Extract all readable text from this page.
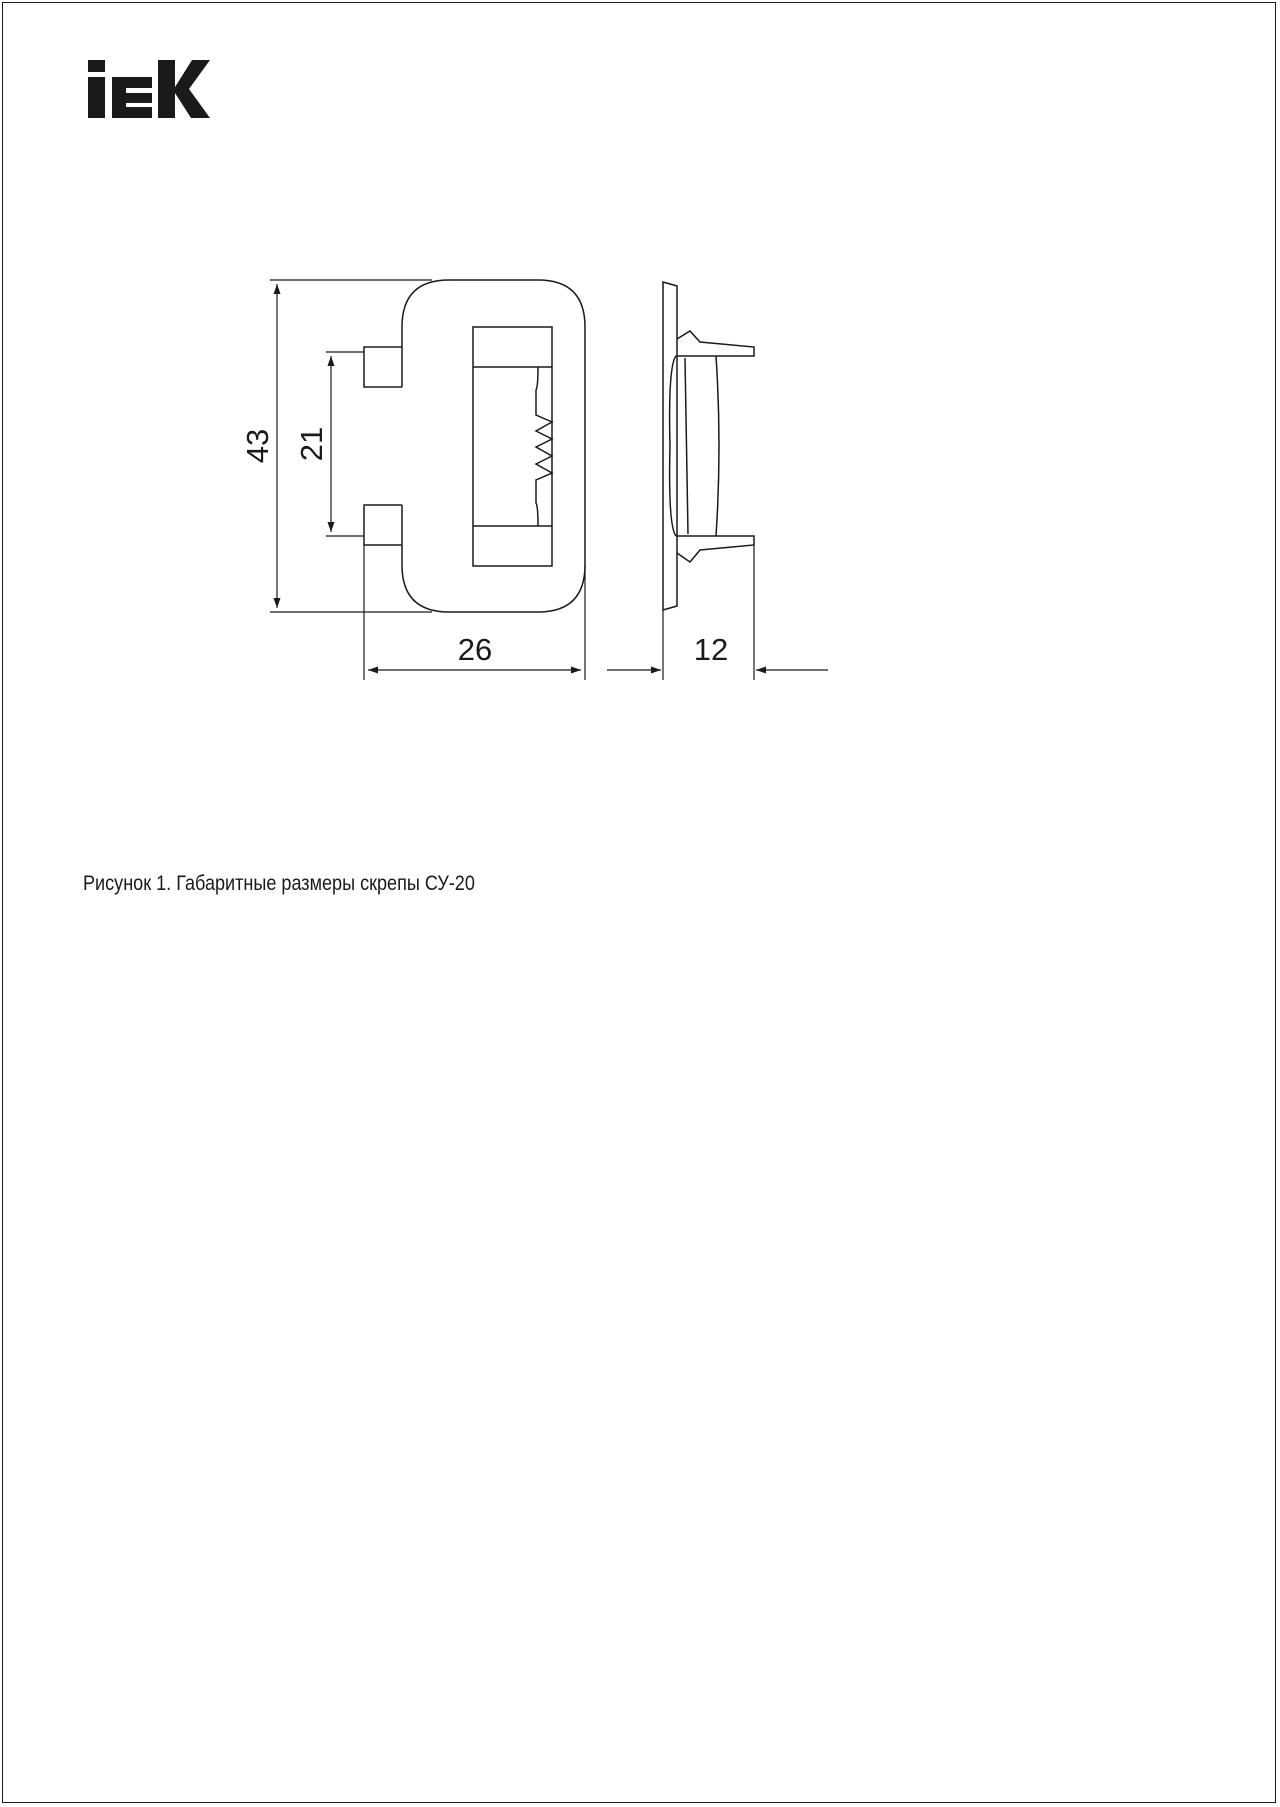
43 21
26	12
Рисунок 1. Габаритные размеры скрепы СУ-20
